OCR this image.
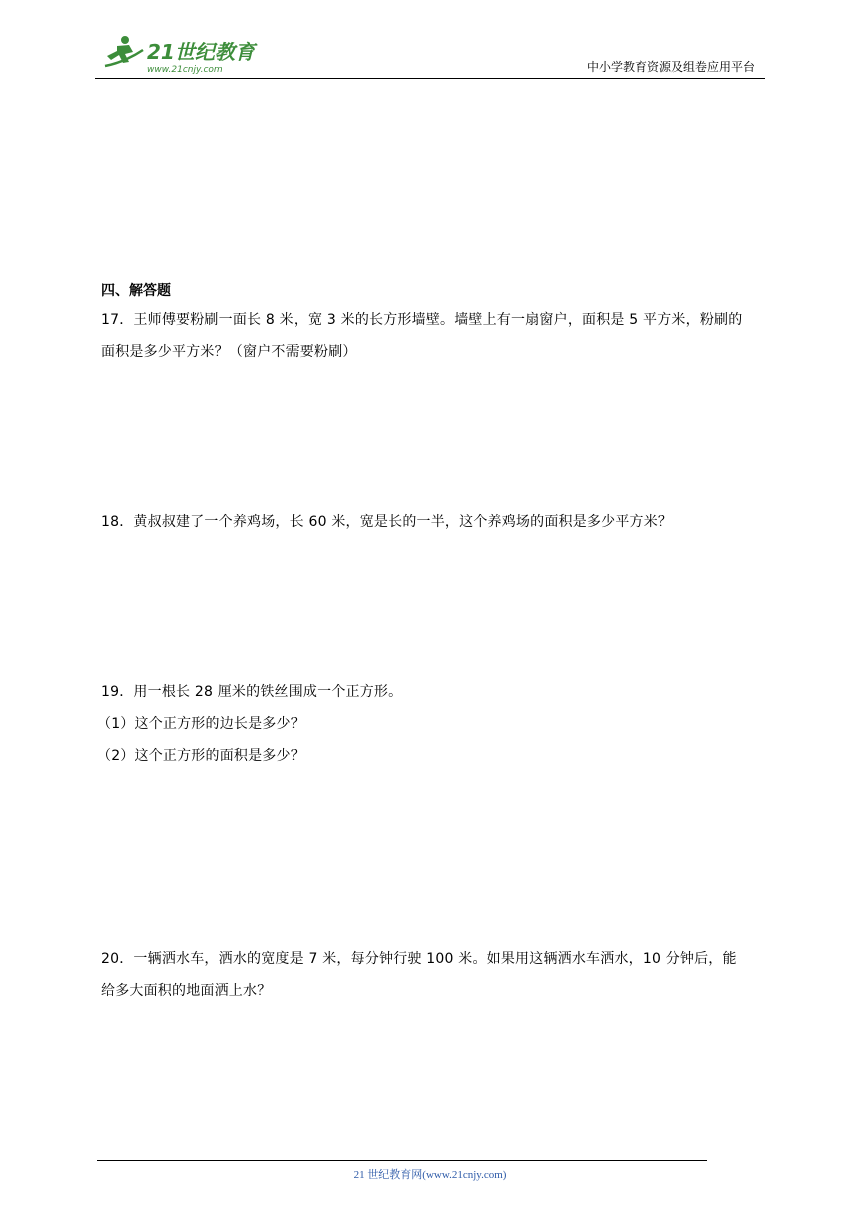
21世纪教育
www.21cnjy.com	中小学教育资源及组卷应用平台
四、解答题

17．王师傅要粉刷一面长 8 米，宽 3 米的长方形墙壁。墙壁上有一扇窗户，面积是 5 平方米，粉刷的

面积是多少平方米？（窗户不需要粉刷）

18．黄叔叔建了一个养鸡场，长 60 米，宽是长的一半，这个养鸡场的面积是多少平方米？

19．用一根长 28 厘米的铁丝围成一个正方形。

（1）这个正方形的边长是多少？

（2）这个正方形的面积是多少？

20．一辆洒水车，洒水的宽度是 7 米，每分钟行驶 100 米。如果用这辆洒水车洒水，10 分钟后，能

给多大面积的地面洒上水？

21 世纪教育网(www.21cnjy.com)
